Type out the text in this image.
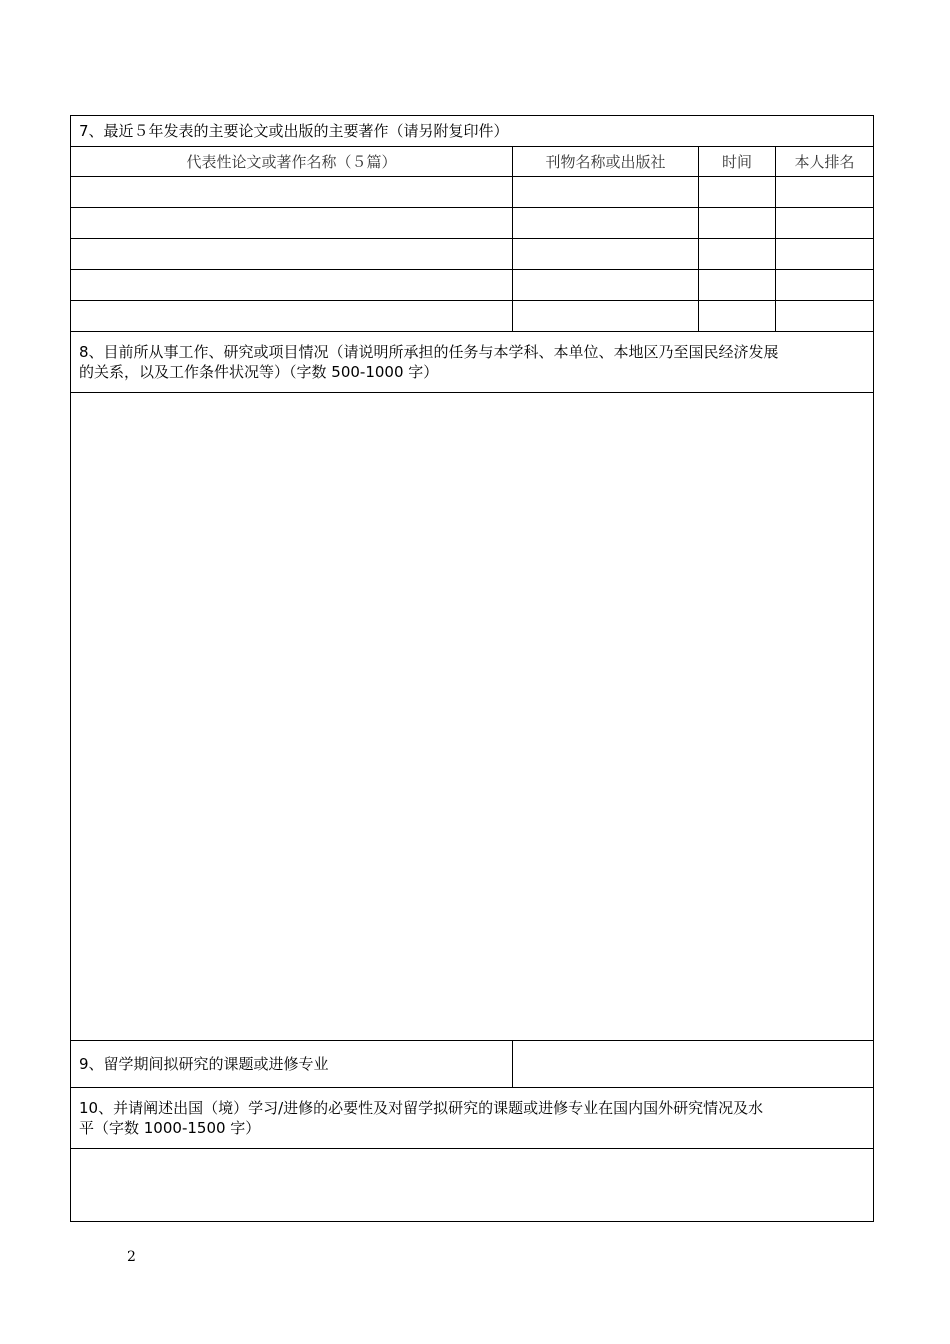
7、最近５年发表的主要论文或出版的主要著作（请另附复印件）			
代表性论文或著作名称（５篇）	刊物名称或出版社	时间	本人排名

8、目前所从事工作、研究或项目情况（请说明所承担的任务与本学科、本单位、本地区乃至国民经济发展
的关系，以及工作条件状况等）（字数 500-1000 字）			

9、留学期间拟研究的课题或进修专业			

10、并请阐述出国（境）学习/进修的必要性及对留学拟研究的课题或进修专业在国内国外研究情况及水
平（字数 1000-1500 字）			

2
